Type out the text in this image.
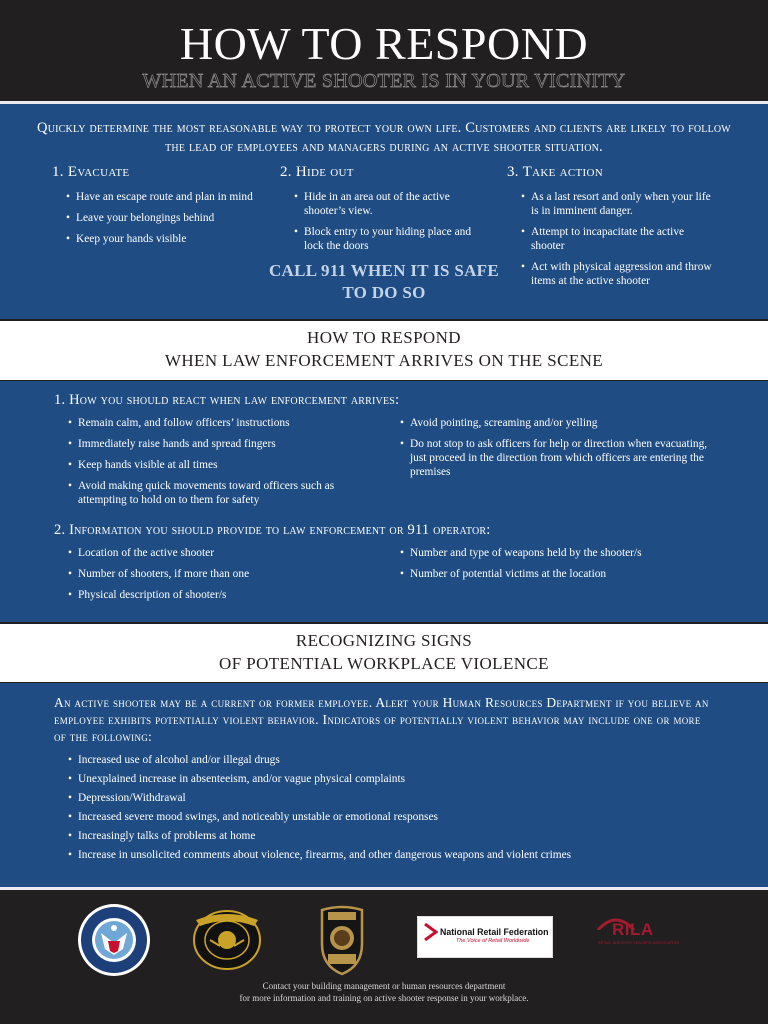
HOW TO RESPOND
WHEN AN ACTIVE SHOOTER IS IN YOUR VICINITY
Quickly determine the most reasonable way to protect your own life. Customers and clients are likely to follow the lead of employees and managers during an active shooter situation.
1. Evacuate
• Have an escape route and plan in mind
• Leave your belongings behind
• Keep your hands visible
2. Hide out
• Hide in an area out of the active shooter’s view.
• Block entry to your hiding place and lock the doors
CALL 911 WHEN IT IS SAFE TO DO SO
3. Take action
• As a last resort and only when your life is in imminent danger.
• Attempt to incapacitate the active shooter
• Act with physical aggression and throw items at the active shooter
HOW TO RESPOND
WHEN LAW ENFORCEMENT ARRIVES ON THE SCENE
1. How you should react when law enforcement arrives:
• Remain calm, and follow officers’ instructions
• Immediately raise hands and spread fingers
• Keep hands visible at all times
• Avoid making quick movements toward officers such as attempting to hold on to them for safety
• Avoid pointing, screaming and/or yelling
• Do not stop to ask officers for help or direction when evacuating, just proceed in the direction from which officers are entering the premises
2. Information you should provide to law enforcement or 911 operator:
• Location of the active shooter
• Number of shooters, if more than one
• Physical description of shooter/s
• Number and type of weapons held by the shooter/s
• Number of potential victims at the location
RECOGNIZING SIGNS
OF POTENTIAL WORKPLACE VIOLENCE
An active shooter may be a current or former employee. Alert your Human Resources Department if you believe an employee exhibits potentially violent behavior. Indicators of potentially violent behavior may include one or more of the following:
• Increased use of alcohol and/or illegal drugs
• Unexplained increase in absenteeism, and/or vague physical complaints
• Depression/Withdrawal
• Increased severe mood swings, and noticeably unstable or emotional responses
• Increasingly talks of problems at home
• Increase in unsolicited comments about violence, firearms, and other dangerous weapons and violent crimes
National Retail Federation
The Voice of Retail Worldwide
RILA
RETAIL INDUSTRY LEADERS ASSOCIATION
Contact your building management or human resources department
for more information and training on active shooter response in your workplace.
